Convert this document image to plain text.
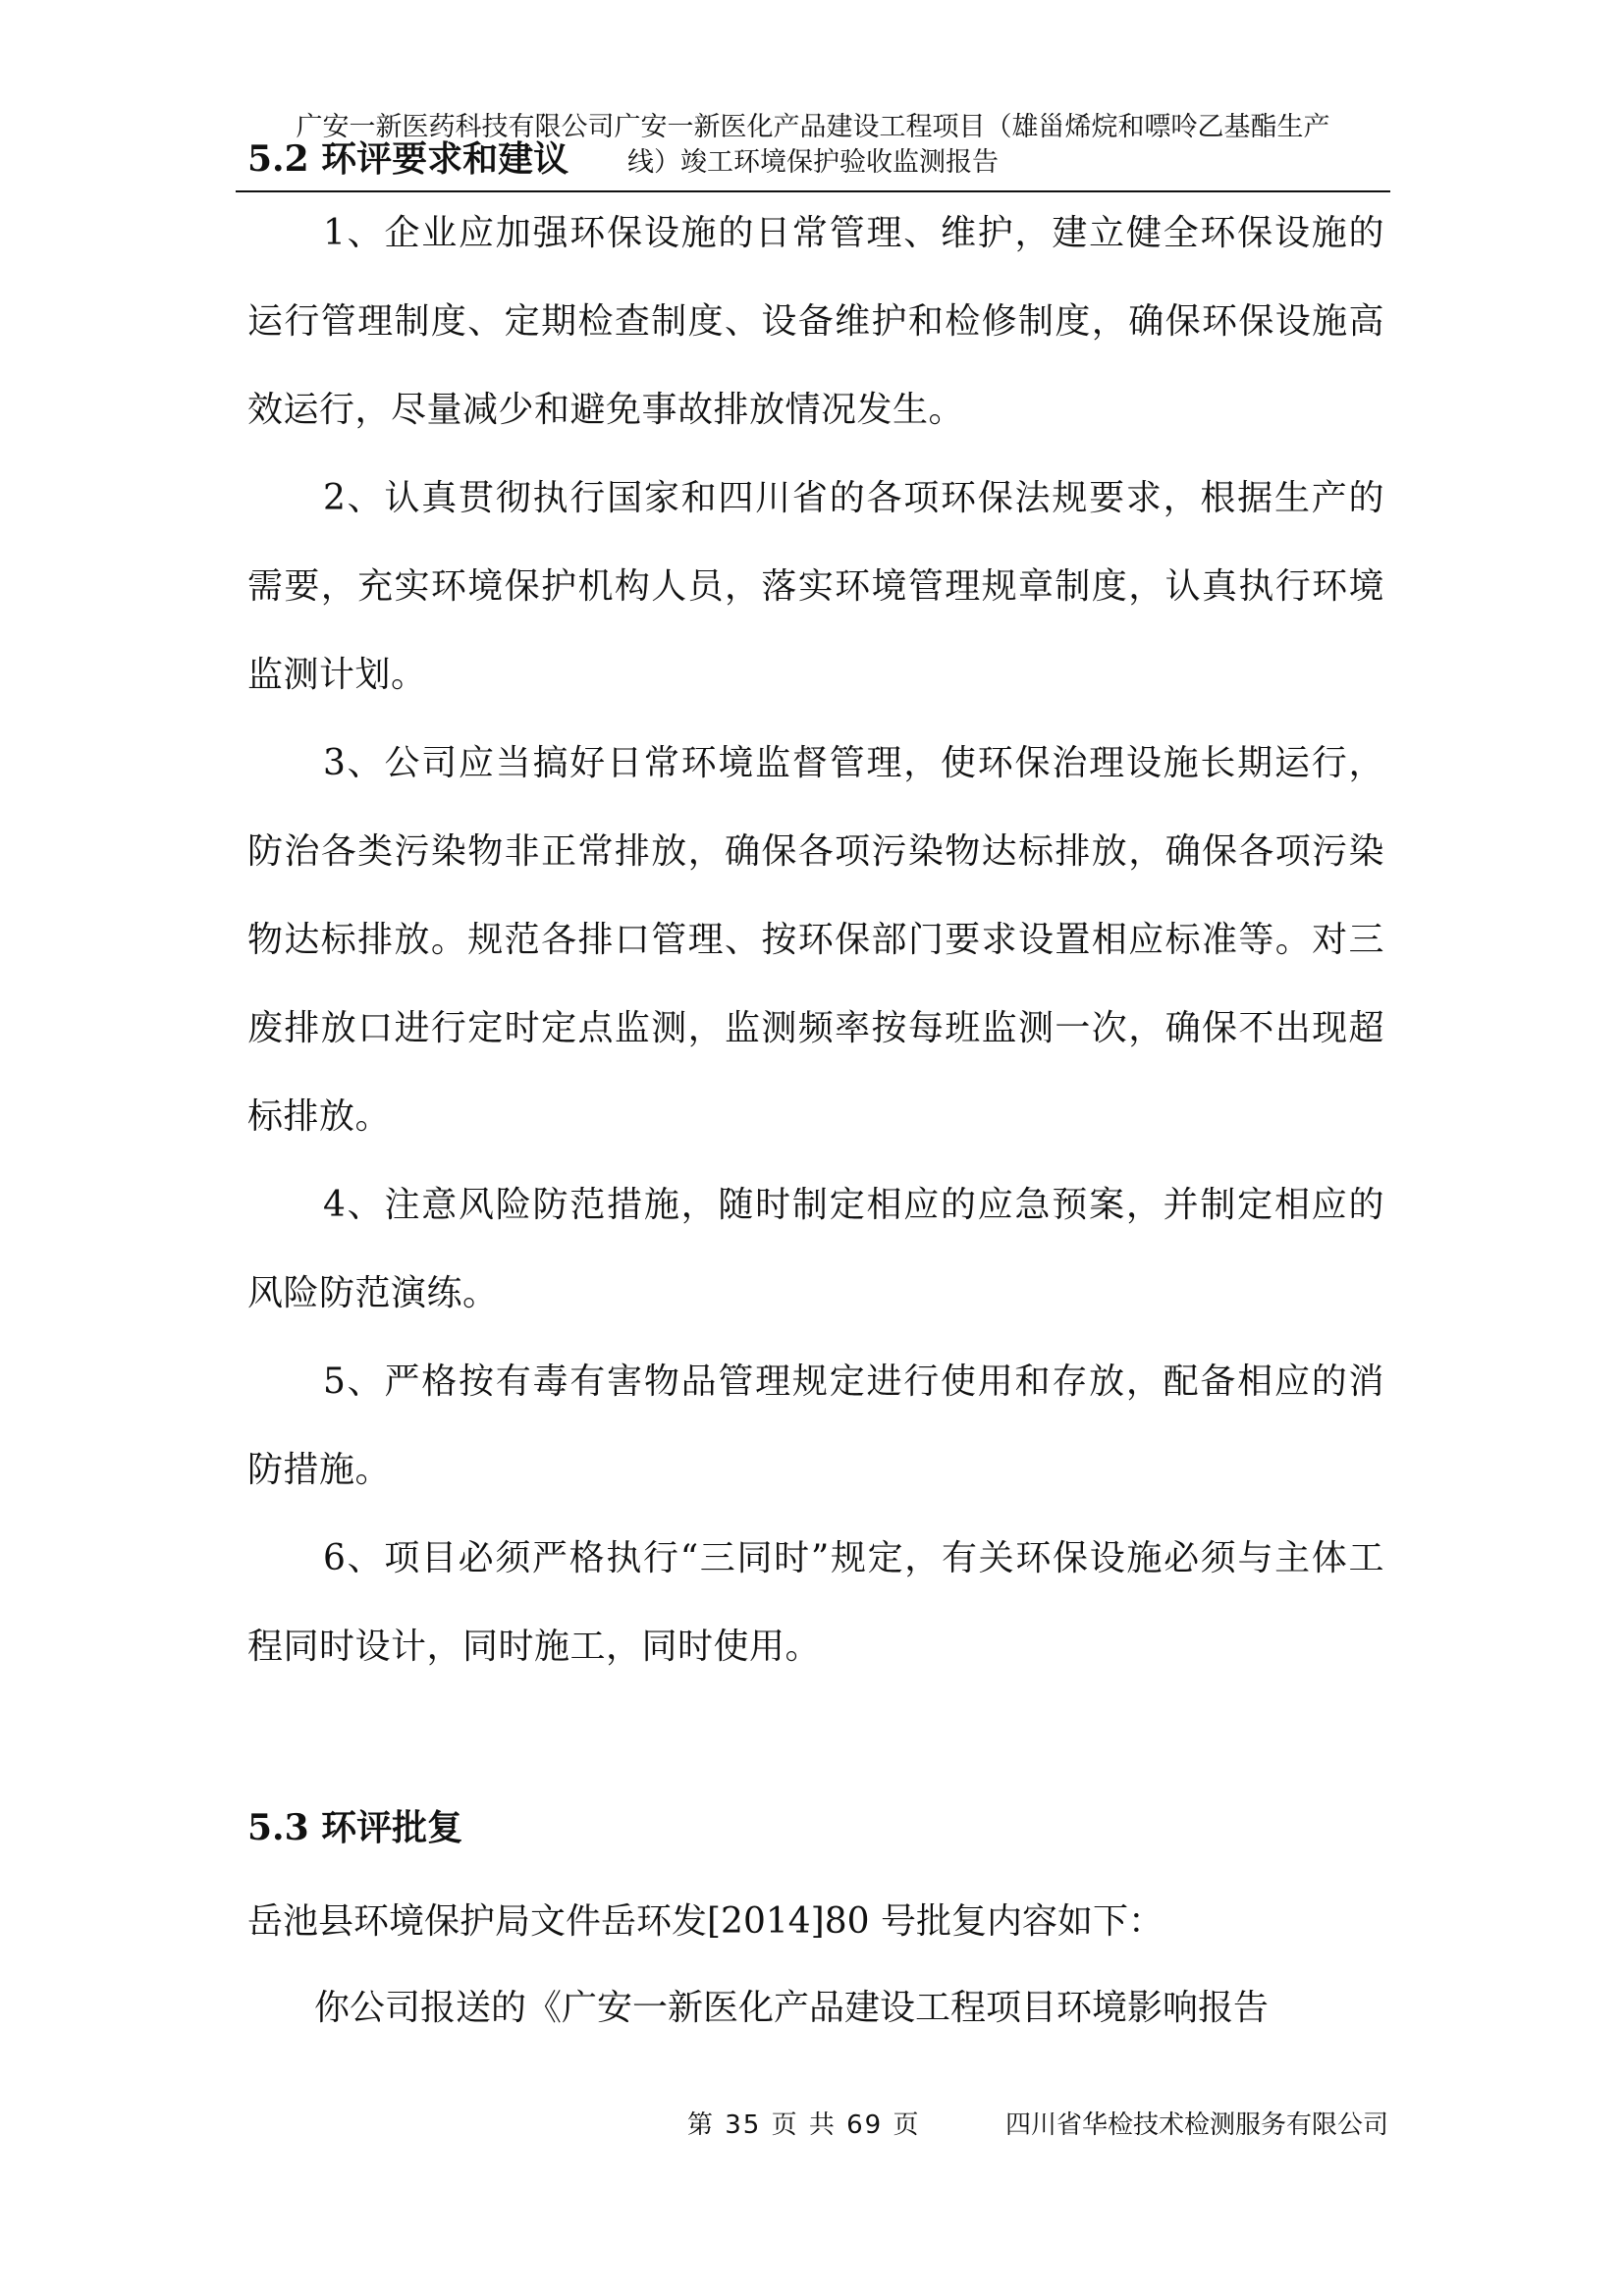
广安一新医药科技有限公司广安一新医化产品建设工程项目（雄甾烯烷和嘌呤乙基酯生产
线）竣工环境保护验收监测报告
5.2 环评要求和建议
1、企业应加强环保设施的日常管理、维护，建立健全环保设施的运行管理制度、定期检查制度、设备维护和检修制度，确保环保设施高效运行，尽量减少和避免事故排放情况发生。
2、认真贯彻执行国家和四川省的各项环保法规要求，根据生产的需要，充实环境保护机构人员，落实环境管理规章制度，认真执行环境监测计划。
3、公司应当搞好日常环境监督管理，使环保治理设施长期运行，防治各类污染物非正常排放，确保各项污染物达标排放，确保各项污染物达标排放。规范各排口管理、按环保部门要求设置相应标准等。对三废排放口进行定时定点监测，监测频率按每班监测一次，确保不出现超标排放。
4、注意风险防范措施，随时制定相应的应急预案，并制定相应的风险防范演练。
5、严格按有毒有害物品管理规定进行使用和存放，配备相应的消防措施。
6、项目必须严格执行“三同时”规定，有关环保设施必须与主体工程同时设计，同时施工，同时使用。
5.3 环评批复
岳池县环境保护局文件岳环发[2014]80 号批复内容如下：
你公司报送的《广安一新医化产品建设工程项目环境影响报告
第 35 页 共 69 页	四川省华检技术检测服务有限公司
